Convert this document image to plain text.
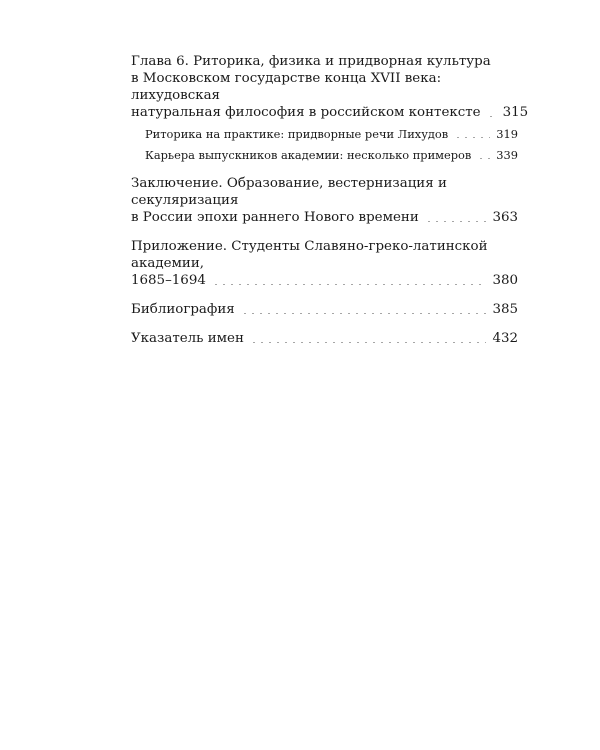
Глава 6. Риторика, физика и придворная культура
в Московском государстве конца XVII века: лихудовская
натуральная философия в российском контексте 315
Риторика на практике: придворные речи Лихудов	319
Карьера выпускников академии: несколько примеров 339
Заключение. Образование, вестернизация и секуляризация
в России эпохи раннего Нового времени	363
Приложение. Студенты Славяно-греко-латинской академии,
1685–1694	380
Библиография	385
Указатель имен	432
